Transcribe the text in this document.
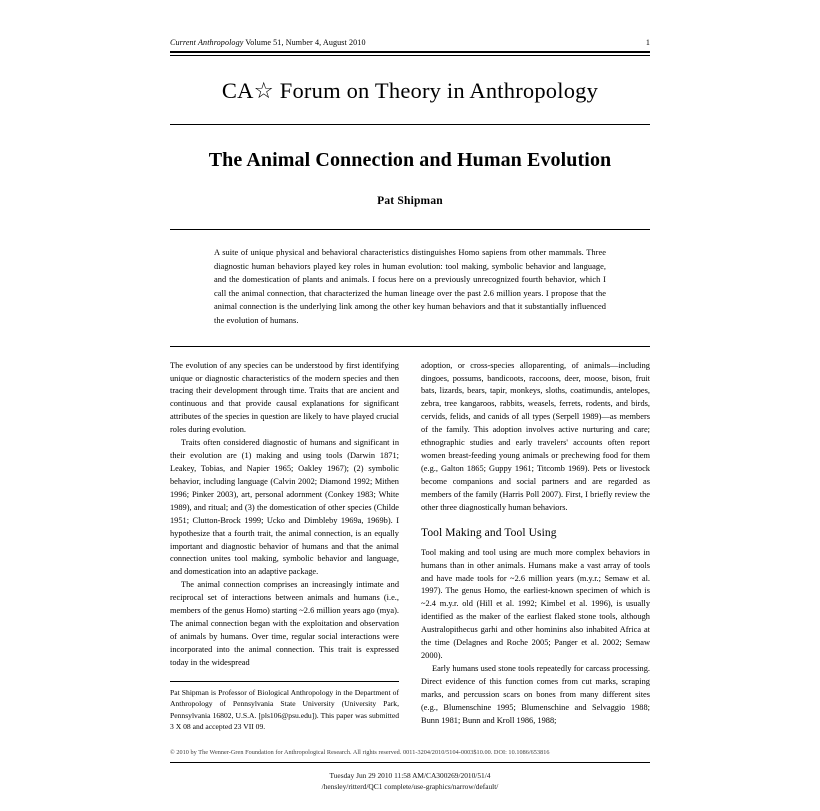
Current Anthropology Volume 51, Number 4, August 2010	1
CA☆ Forum on Theory in Anthropology
The Animal Connection and Human Evolution
Pat Shipman
A suite of unique physical and behavioral characteristics distinguishes Homo sapiens from other mammals. Three diagnostic human behaviors played key roles in human evolution: tool making, symbolic behavior and language, and the domestication of plants and animals. I focus here on a previously unrecognized fourth behavior, which I call the animal connection, that characterized the human lineage over the past 2.6 million years. I propose that the animal connection is the underlying link among the other key human behaviors and that it substantially influenced the evolution of humans.

The evolution of any species can be understood by first identifying unique or diagnostic characteristics of the modern species and then tracing their development through time. Traits that are ancient and continuous and that provide causal explanations for significant attributes of the species in question are likely to have played crucial roles during evolution.

Traits often considered diagnostic of humans and significant in their evolution are (1) making and using tools (Darwin 1871; Leakey, Tobias, and Napier 1965; Oakley 1967); (2) symbolic behavior, including language (Calvin 2002; Diamond 1992; Mithen 1996; Pinker 2003), art, personal adornment (Conkey 1983; White 1989), and ritual; and (3) the domestication of other species (Childe 1951; Clutton-Brock 1999; Ucko and Dimbleby 1969a, 1969b). I hypothesize that a fourth trait, the animal connection, is an equally important and diagnostic behavior of humans and that the animal connection unites tool making, symbolic behavior and language, and domestication into an adaptive package.

The animal connection comprises an increasingly intimate and reciprocal set of interactions between animals and humans (i.e., members of the genus Homo) starting ~2.6 million years ago (mya). The animal connection began with the exploitation and observation of animals by humans. Over time, regular social interactions were incorporated into the animal connection. This trait is expressed today in the widespread

Pat Shipman is Professor of Biological Anthropology in the Department of Anthropology of Pennsylvania State University (University Park, Pennsylvania 16802, U.S.A. [pls106@psu.edu]). This paper was submitted 3 X 08 and accepted 23 VII 09.

adoption, or cross-species alloparenting, of animals—including dingoes, possums, bandicoots, raccoons, deer, moose, bison, fruit bats, lizards, bears, tapir, monkeys, sloths, coatimundis, antelopes, zebra, tree kangaroos, rabbits, weasels, ferrets, rodents, and birds, cervids, felids, and canids of all types (Serpell 1989)—as members of the family. This adoption involves active nurturing and care; ethnographic studies and early travelers' accounts often report women breast-feeding young animals or prechewing food for them (e.g., Galton 1865; Guppy 1961; Titcomb 1969). Pets or livestock become companions and social partners and are regarded as members of the family (Harris Poll 2007). First, I briefly review the other three diagnostically human behaviors.

Tool Making and Tool Using

Tool making and tool using are much more complex behaviors in humans than in other animals. Humans make a vast array of tools and have made tools for ~2.6 million years (m.y.r.; Semaw et al. 1997). The genus Homo, the earliest-known specimen of which is ~2.4 m.y.r. old (Hill et al. 1992; Kimbel et al. 1996), is usually identified as the maker of the earliest flaked stone tools, although Australopithecus garhi and other hominins also inhabited Africa at the time (Delagnes and Roche 2005; Panger et al. 2002; Semaw 2000).

Early humans used stone tools repeatedly for carcass processing. Direct evidence of this function comes from cut marks, scraping marks, and percussion scars on bones from many different sites (e.g., Blumenschine 1995; Blumenschine and Selvaggio 1988; Bunn 1981; Bunn and Kroll 1986, 1988;

© 2010 by The Wenner-Gren Foundation for Anthropological Research. All rights reserved. 0011-3204/2010/5104-0003$10.00. DOI: 10.1086/653816
Tuesday Jun 29 2010 11:58 AM/CA300269/2010/51/4
/hensley/ritterd/QC1 complete/use-graphics/narrow/default/
